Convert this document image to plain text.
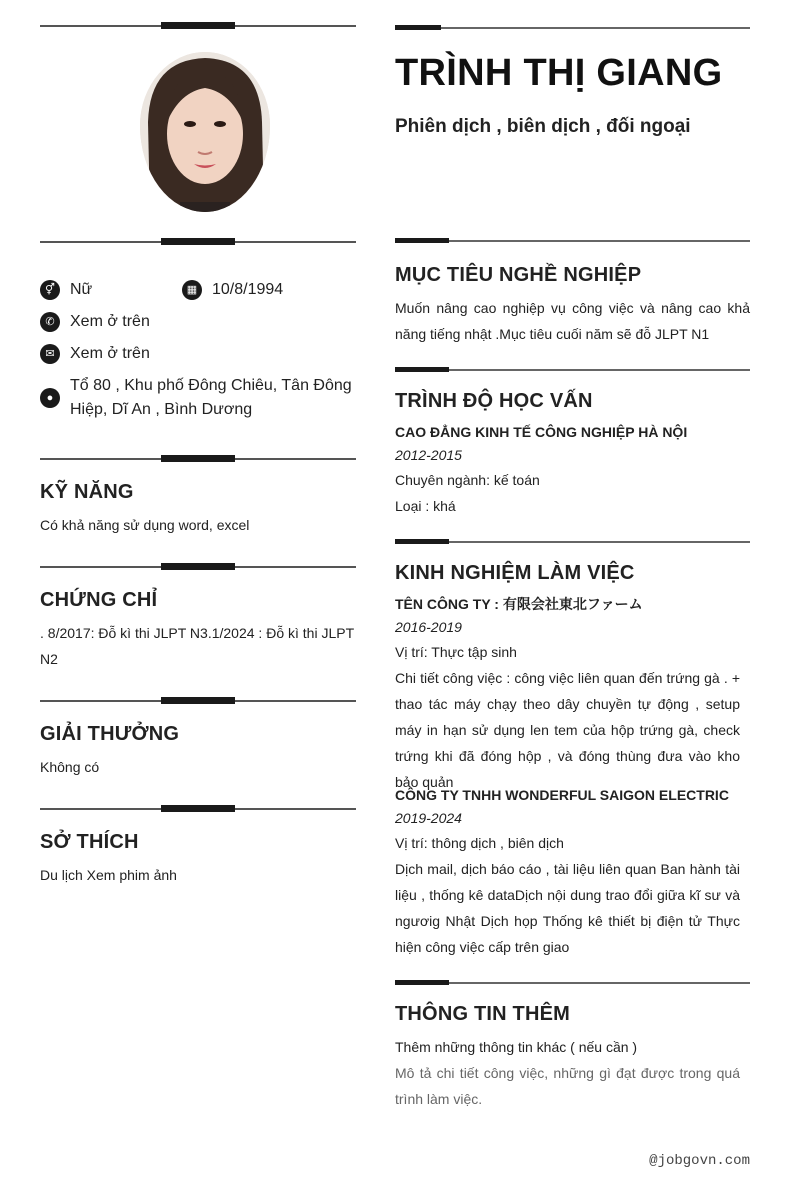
⚥ Nữ	▦ 10/8/1994
✆ Xem ở trên
✉ Xem ở trên
●
Tổ 80 , Khu phố Đông Chiêu, Tân Đông Hiệp, Dĩ An , Bình Dương
KỸ NĂNG
Có khả năng sử dụng word, excel
CHỨNG CHỈ
. 8/2017: Đỗ kì thi JLPT N3.1/2024 : Đỗ kì thi JLPT N2
GIẢI THƯỞNG
Không có
SỞ THÍCH
Du lịch Xem phim ảnh
TRÌNH THỊ GIANG
Phiên dịch , biên dịch , đối ngoại
MỤC TIÊU NGHỀ NGHIỆP
Muốn nâng cao nghiệp vụ công việc và nâng cao khả năng tiếng nhật .Mục tiêu cuối năm sẽ đỗ JLPT N1
TRÌNH ĐỘ HỌC VẤN
CAO ĐẲNG KINH TẾ CÔNG NGHIỆP HÀ NỘI
2012-2015
Chuyên ngành: kế toán
Loại : khá
KINH NGHIỆM LÀM VIỆC
TÊN CÔNG TY : 有限会社東北ファーム
2016-2019
Vị trí: Thực tập sinh
Chi tiết công việc : công việc liên quan đến trứng gà . + thao tác máy chạy theo dây chuyền tự động , setup máy in hạn sử dụng len tem của hộp trứng gà, check trứng khi đã đóng hộp , và đóng thùng đưa vào kho bảo quản
CÔNG TY TNHH WONDERFUL SAIGON ELECTRIC
2019-2024
Vị trí: thông dịch , biên dịch
Dịch mail, dịch báo cáo , tài liệu liên quan Ban hành tài liệu , thống kê dataDịch nội dung trao đổi giữa kĩ sư và ngươig Nhật Dịch họp Thống kê thiết bị điện tử Thực hiện công việc cấp trên giao
THÔNG TIN THÊM
Thêm những thông tin khác ( nếu cần )
Mô tả chi tiết công việc, những gì đạt được trong quá trình làm việc.
@jobgovn.com
